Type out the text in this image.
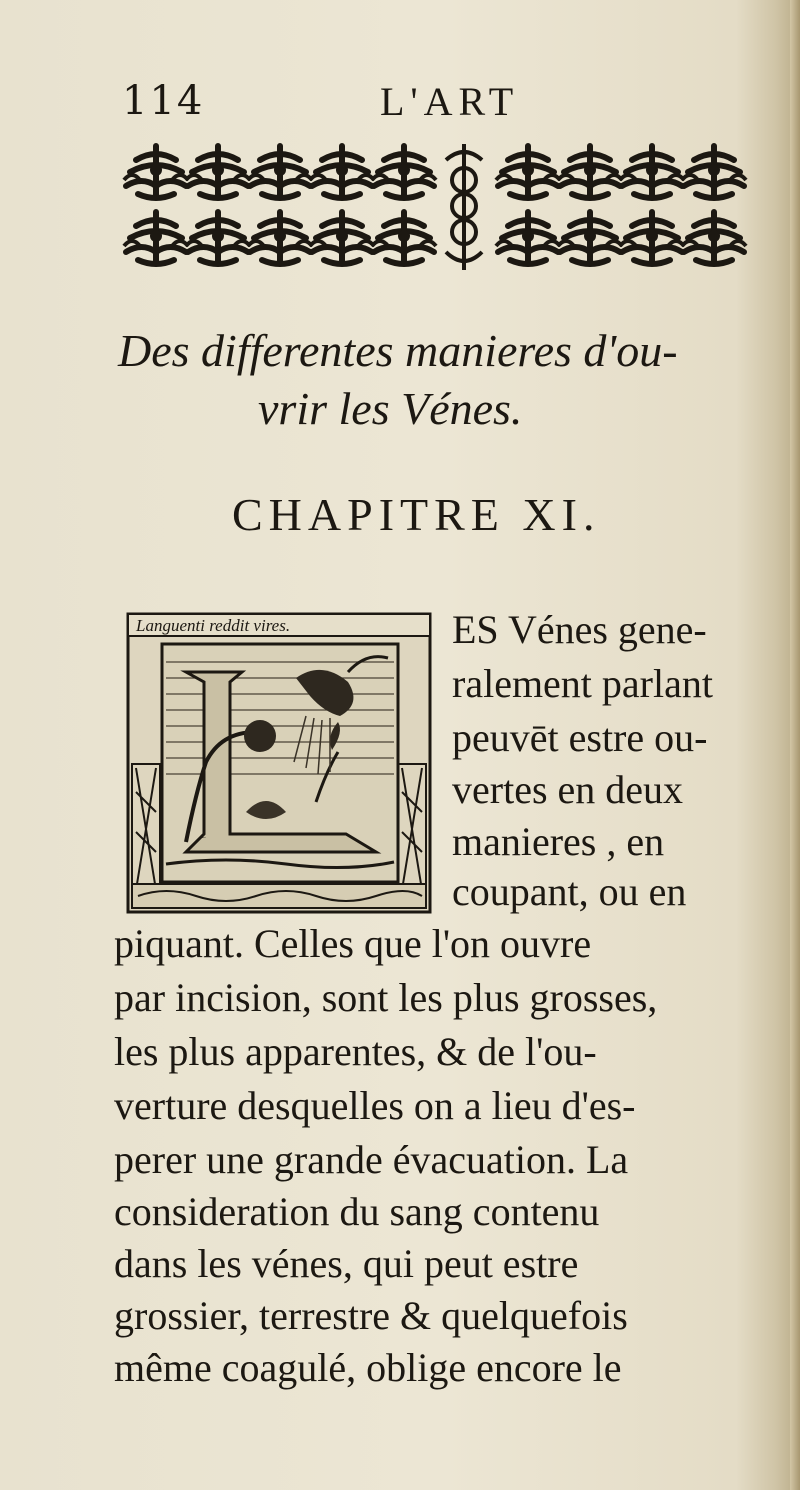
114	L'ART
Des differentes manieres d'ou-
vrir les Vénes.
CHAPITRE XI.
Languenti reddit vires.
L
ES Vénes gene-
ralement parlant
peuvēt estre ou-
vertes en deux
manieres , en
coupant, ou en
piquant. Celles que l'on ouvre
par incision, sont les plus grosses,
les plus apparentes, & de l'ou-
verture desquelles on a lieu d'es-
perer une grande évacuation. La
consideration du sang contenu
dans les vénes, qui peut estre
grossier, terrestre & quelquefois
même coagulé, oblige encore le
